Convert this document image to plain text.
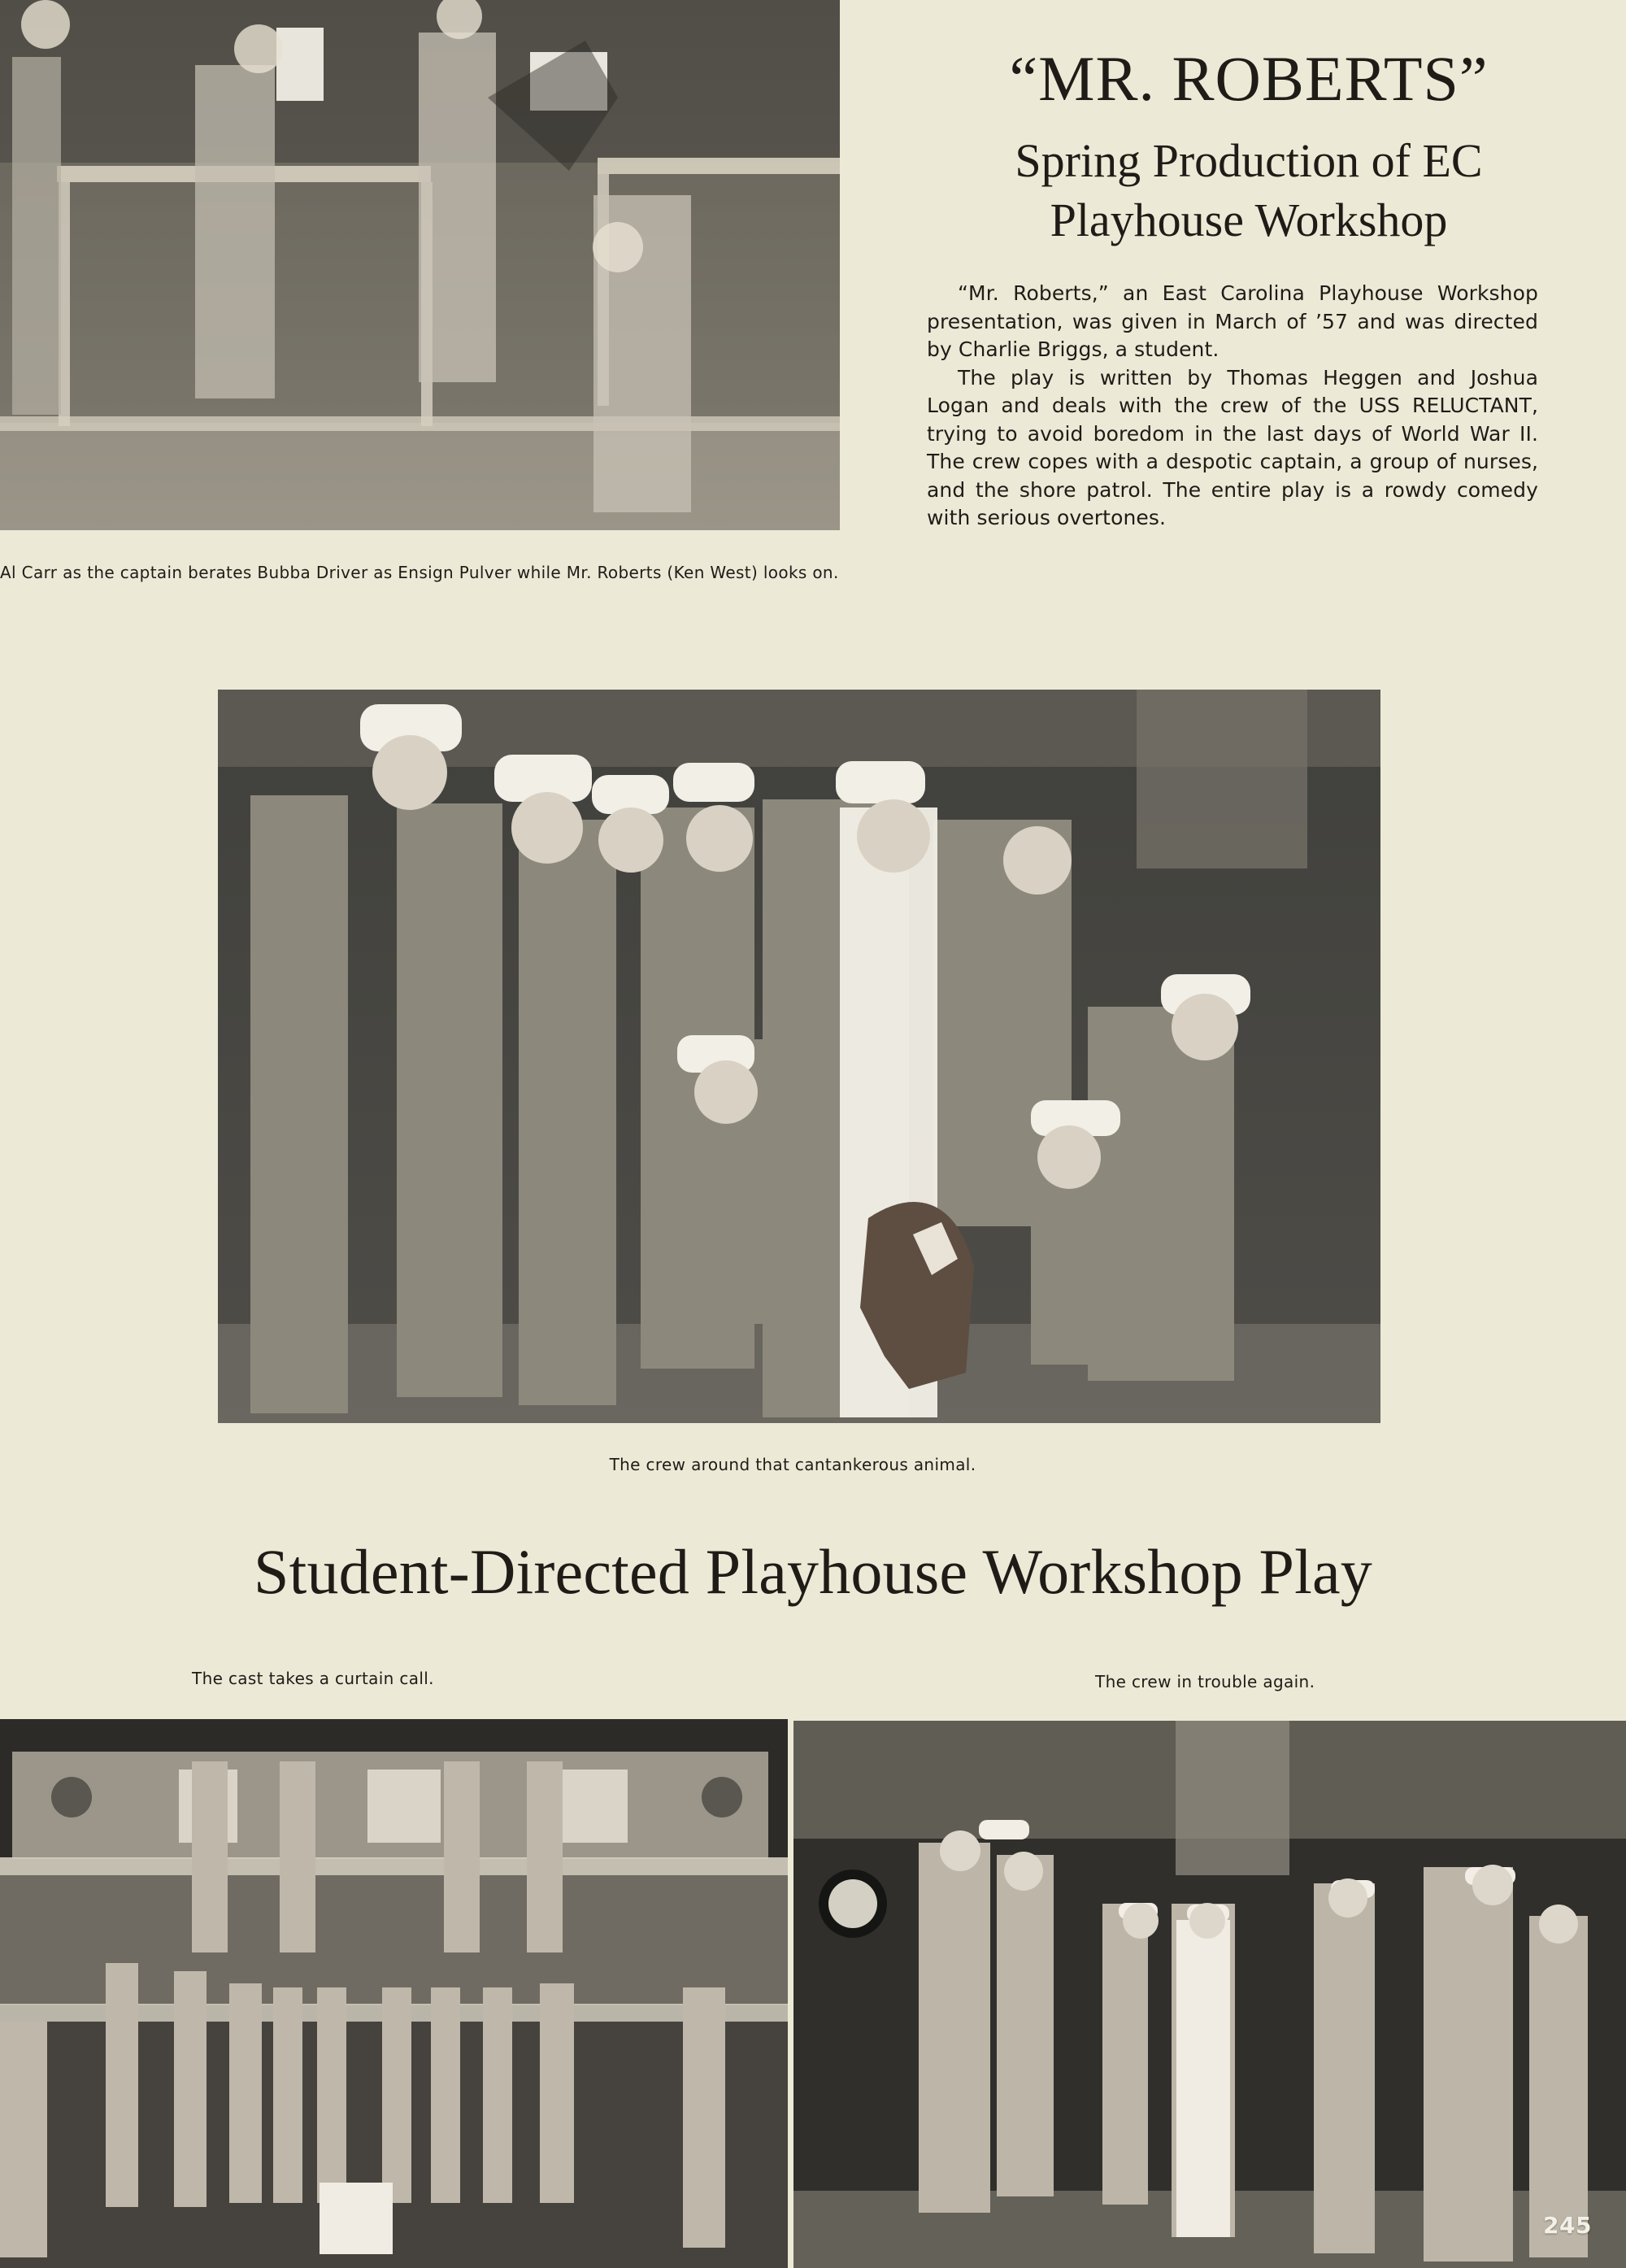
“MR. ROBERTS”
Spring Production of EC
Playhouse Workshop

“Mr. Roberts,” an East Carolina Playhouse Workshop presentation, was given in March of ’57 and was directed by Charlie Briggs, a student.

The play is written by Thomas Heggen and Joshua Logan and deals with the crew of the USS RELUCTANT, trying to avoid boredom in the last days of World War II. The crew copes with a despotic captain, a group of nurses, and the shore patrol. The entire play is a rowdy comedy with serious overtones.

Al Carr as the captain berates Bubba Driver as Ensign Pulver while Mr. Roberts (Ken West) looks on.

The crew around that cantankerous animal.

Student-Directed Playhouse Workshop Play

The cast takes a curtain call.	The crew in trouble again.

245
